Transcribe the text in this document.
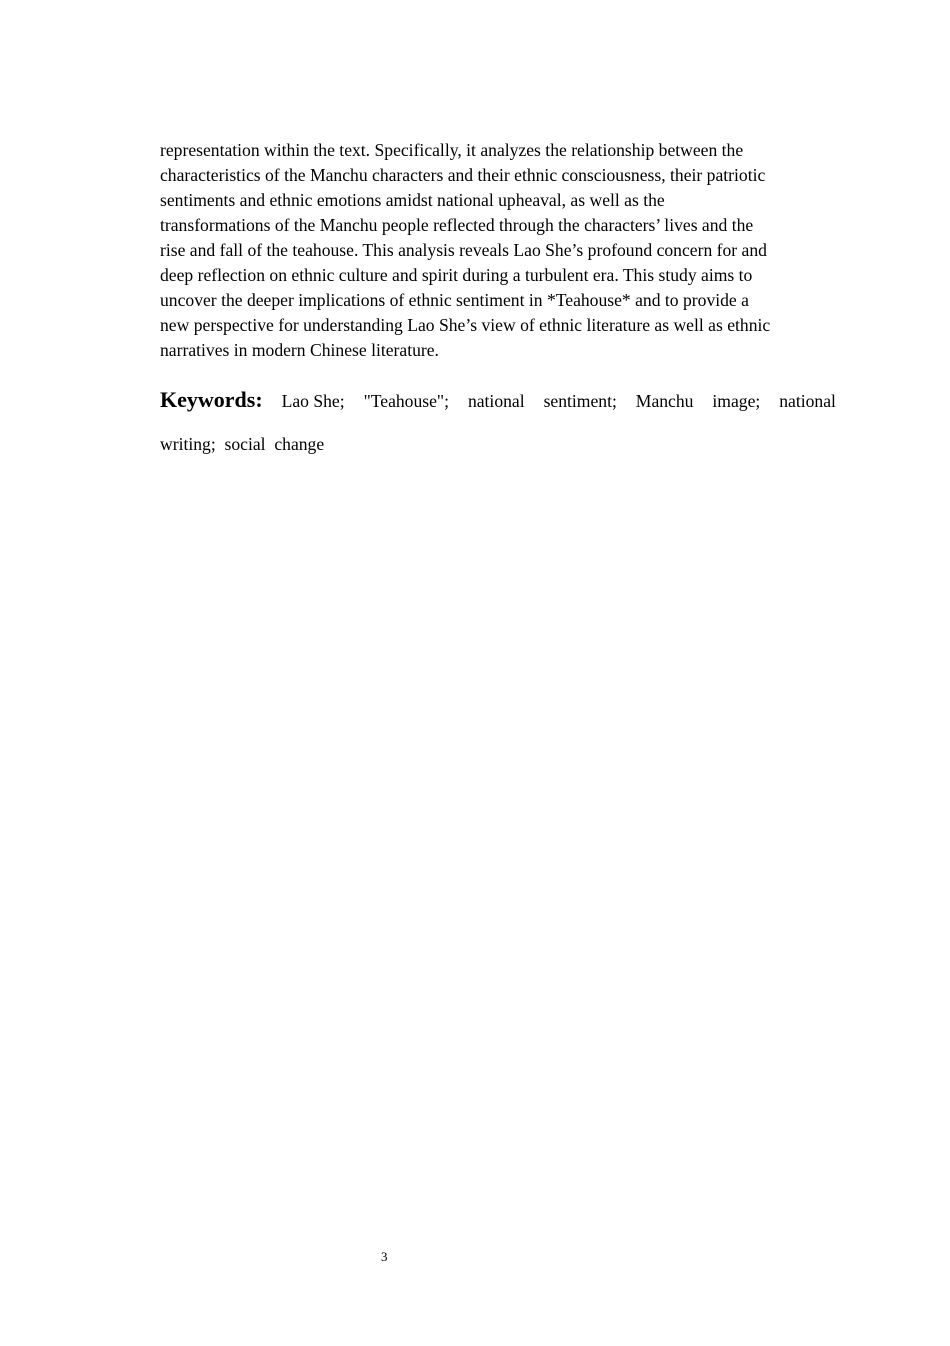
representation within the text. Specifically, it analyzes the relationship between the
characteristics of the Manchu characters and their ethnic consciousness, their patriotic
sentiments and ethnic emotions amidst national upheaval, as well as the
transformations of the Manchu people reflected through the characters’ lives and the
rise and fall of the teahouse. This analysis reveals Lao She’s profound concern for and
deep reflection on ethnic culture and spirit during a turbulent era. This study aims to
uncover the deeper implications of ethnic sentiment in *Teahouse* and to provide a
new perspective for understanding Lao She’s view of ethnic literature as well as ethnic
narratives in modern Chinese literature.
Keywords: Lao She; "Teahouse"; national sentiment; Manchu image; national
writing;  social  change
3
